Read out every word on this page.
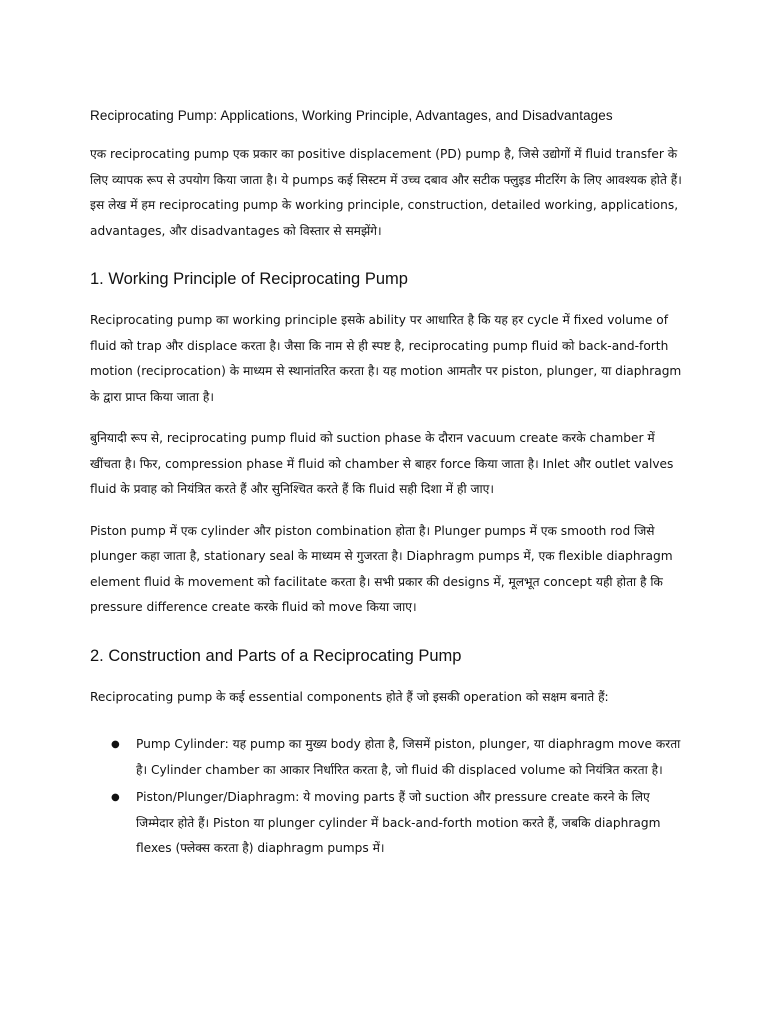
Reciprocating Pump: Applications, Working Principle, Advantages, and Disadvantages

एक reciprocating pump एक प्रकार का positive displacement (PD) pump है, जिसे उद्योगों में fluid transfer के लिए व्यापक रूप से उपयोग किया जाता है। ये pumps कई सिस्टम में उच्च दबाव और सटीक फ्लुइड मीटरिंग के लिए आवश्यक होते हैं। इस लेख में हम reciprocating pump के working principle, construction, detailed working, applications, advantages, और disadvantages को विस्तार से समझेंगे।

1. Working Principle of Reciprocating Pump

Reciprocating pump का working principle इसके ability पर आधारित है कि यह हर cycle में fixed volume of fluid को trap और displace करता है। जैसा कि नाम से ही स्पष्ट है, reciprocating pump fluid को back-and-forth motion (reciprocation) के माध्यम से स्थानांतरित करता है। यह motion आमतौर पर piston, plunger, या diaphragm के द्वारा प्राप्त किया जाता है।

बुनियादी रूप से, reciprocating pump fluid को suction phase के दौरान vacuum create करके chamber में खींचता है। फिर, compression phase में fluid को chamber से बाहर force किया जाता है। Inlet और outlet valves fluid के प्रवाह को नियंत्रित करते हैं और सुनिश्चित करते हैं कि fluid सही दिशा में ही जाए।

Piston pump में एक cylinder और piston combination होता है। Plunger pumps में एक smooth rod जिसे plunger कहा जाता है, stationary seal के माध्यम से गुजरता है। Diaphragm pumps में, एक flexible diaphragm element fluid के movement को facilitate करता है। सभी प्रकार की designs में, मूलभूत concept यही होता है कि pressure difference create करके fluid को move किया जाए।

2. Construction and Parts of a Reciprocating Pump

Reciprocating pump के कई essential components होते हैं जो इसकी operation को सक्षम बनाते हैं:

● Pump Cylinder: यह pump का मुख्य body होता है, जिसमें piston, plunger, या diaphragm move करता है। Cylinder chamber का आकार निर्धारित करता है, जो fluid की displaced volume को नियंत्रित करता है।
● Piston/Plunger/Diaphragm: ये moving parts हैं जो suction और pressure create करने के लिए जिम्मेदार होते हैं। Piston या plunger cylinder में back-and-forth motion करते हैं, जबकि diaphragm flexes (फ्लेक्स करता है) diaphragm pumps में।
